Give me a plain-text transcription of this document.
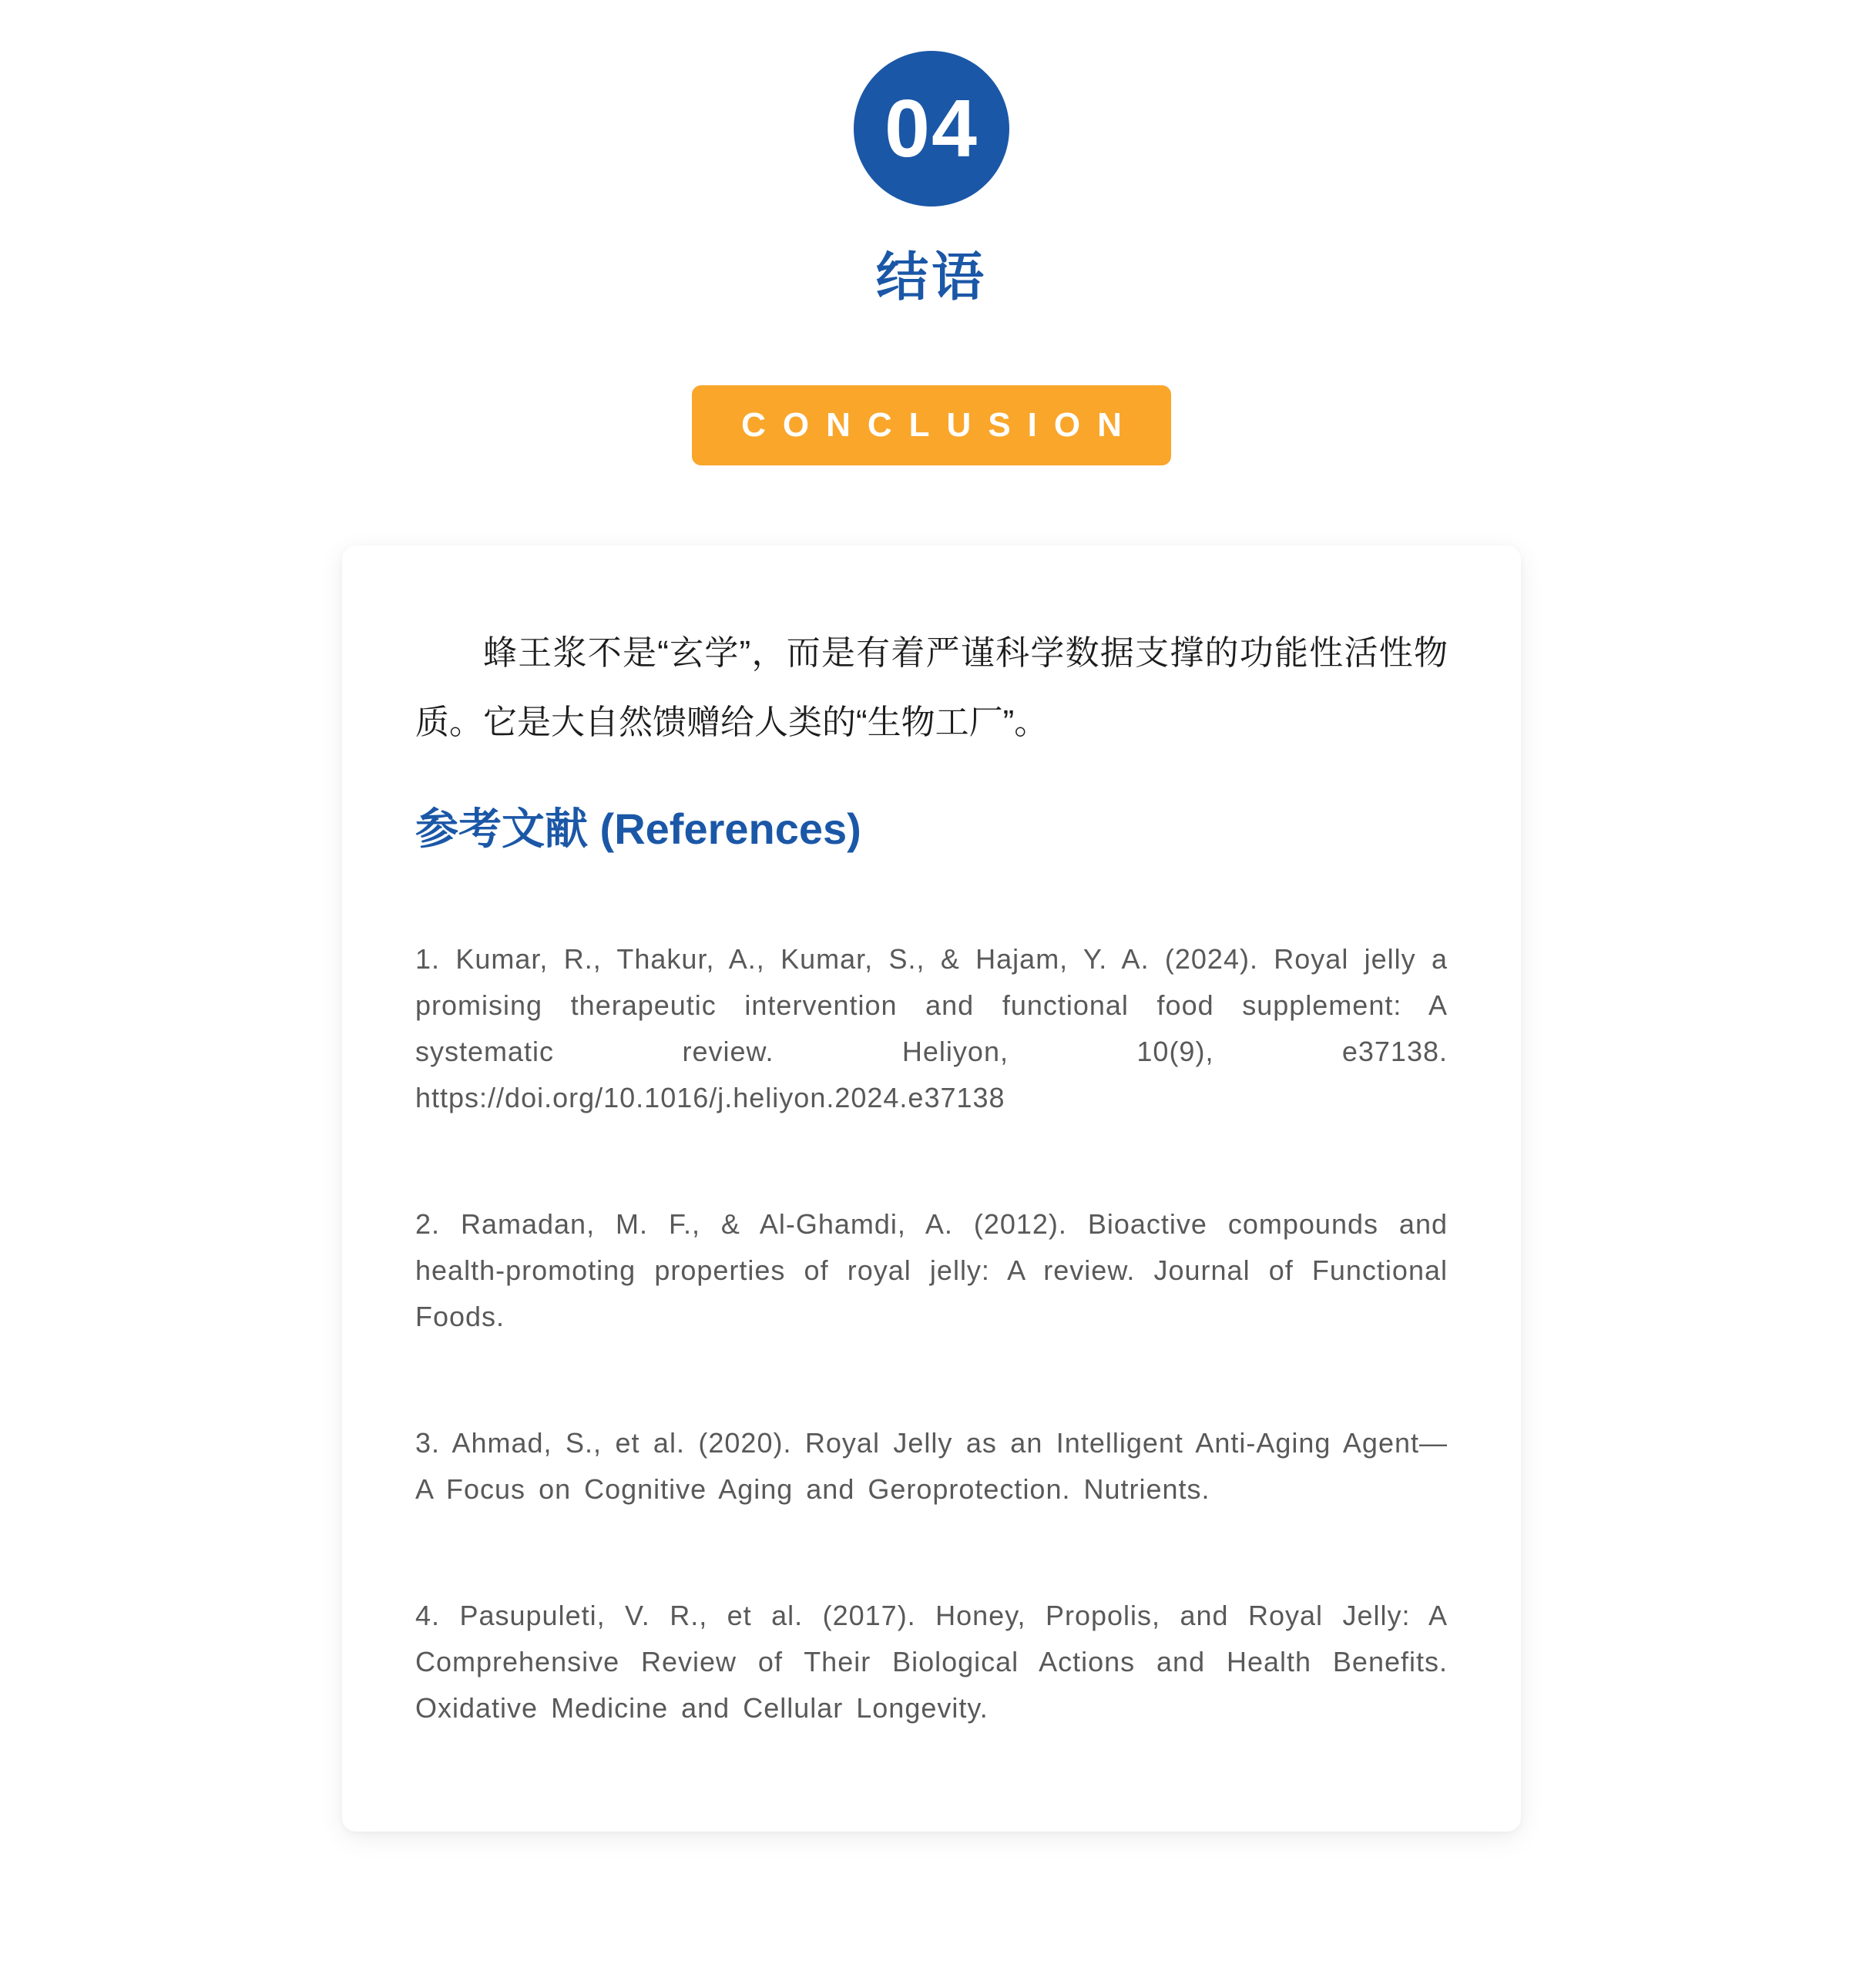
04
结语
CONCLUSION

蜂王浆不是“玄学”，而是有着严谨科学数据支撑的功能性活性物质。它是大自然馈赠给人类的“生物工厂”。

参考文献 (References)

1. Kumar, R., Thakur, A., Kumar, S., & Hajam, Y. A. (2024). Royal jelly a promising therapeutic intervention and functional food supplement: A systematic review. Heliyon, 10(9), e37138. https://doi.org/10.1016/j.heliyon.2024.e37138

2. Ramadan, M. F., & Al-Ghamdi, A. (2012). Bioactive compounds and health-promoting properties of royal jelly: A review. Journal of Functional Foods.

3. Ahmad, S., et al. (2020). Royal Jelly as an Intelligent Anti-Aging Agent—A Focus on Cognitive Aging and Geroprotection. Nutrients.

4. Pasupuleti, V. R., et al. (2017). Honey, Propolis, and Royal Jelly: A Comprehensive Review of Their Biological Actions and Health Benefits. Oxidative Medicine and Cellular Longevity.
